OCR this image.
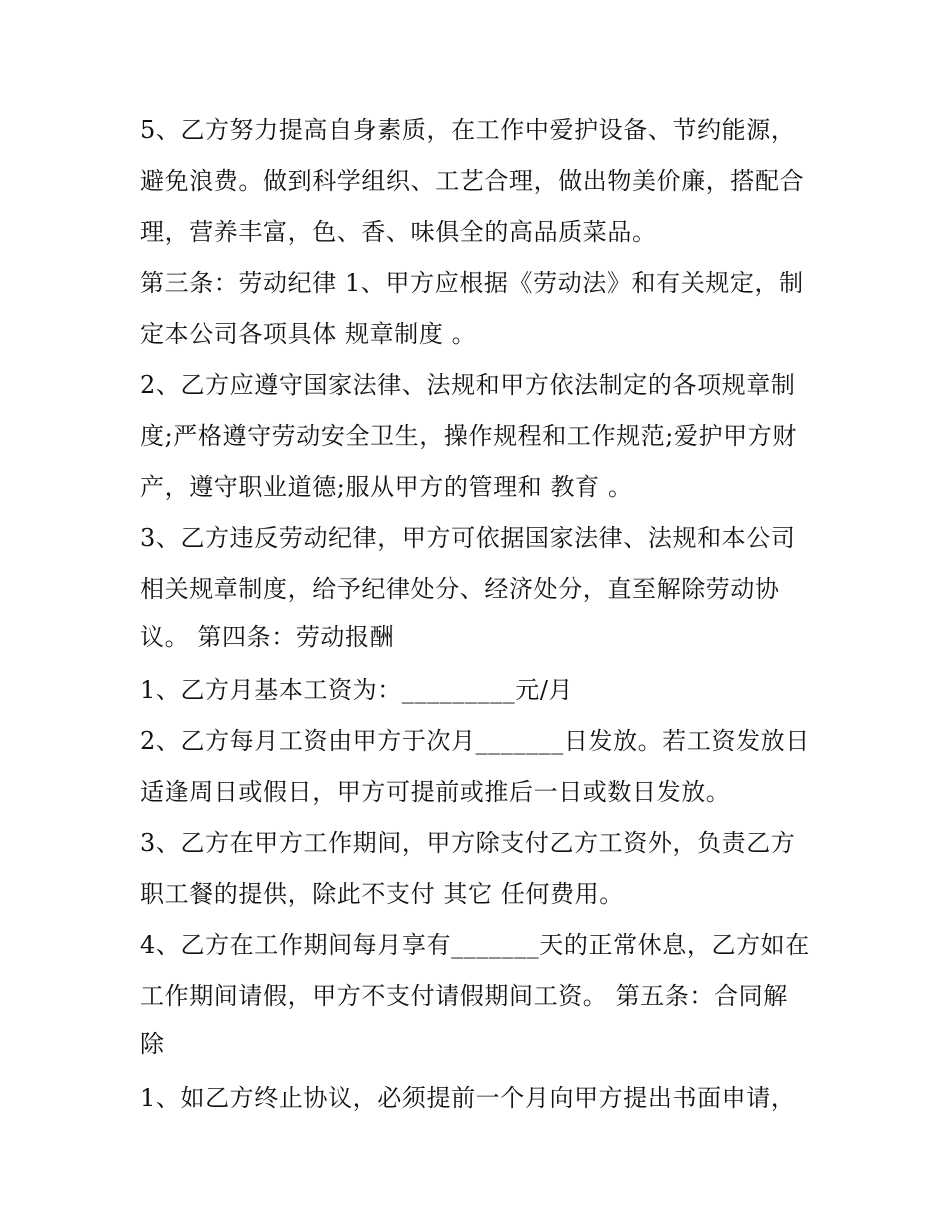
5、乙方努力提高自身素质，在工作中爱护设备、节约能源，
避免浪费。做到科学组织、工艺合理，做出物美价廉，搭配合
理，营养丰富，色、香、味俱全的高品质菜品。
第三条：劳动纪律 1、甲方应根据《劳动法》和有关规定，制
定本公司各项具体 规章制度 。
2、乙方应遵守国家法律、法规和甲方依法制定的各项规章制
度;严格遵守劳动安全卫生，操作规程和工作规范;爱护甲方财
产，遵守职业道德;服从甲方的管理和 教育 。
3、乙方违反劳动纪律，甲方可依据国家法律、法规和本公司
相关规章制度，给予纪律处分、经济处分，直至解除劳动协
议。 第四条：劳动报酬
1、乙方月基本工资为：_________元/月
2、乙方每月工资由甲方于次月_______日发放。若工资发放日
适逢周日或假日，甲方可提前或推后一日或数日发放。
3、乙方在甲方工作期间，甲方除支付乙方工资外，负责乙方
职工餐的提供，除此不支付 其它 任何费用。
4、乙方在工作期间每月享有_______天的正常休息，乙方如在
工作期间请假，甲方不支付请假期间工资。 第五条：合同解
除
1、如乙方终止协议，必须提前一个月向甲方提出书面申请，
